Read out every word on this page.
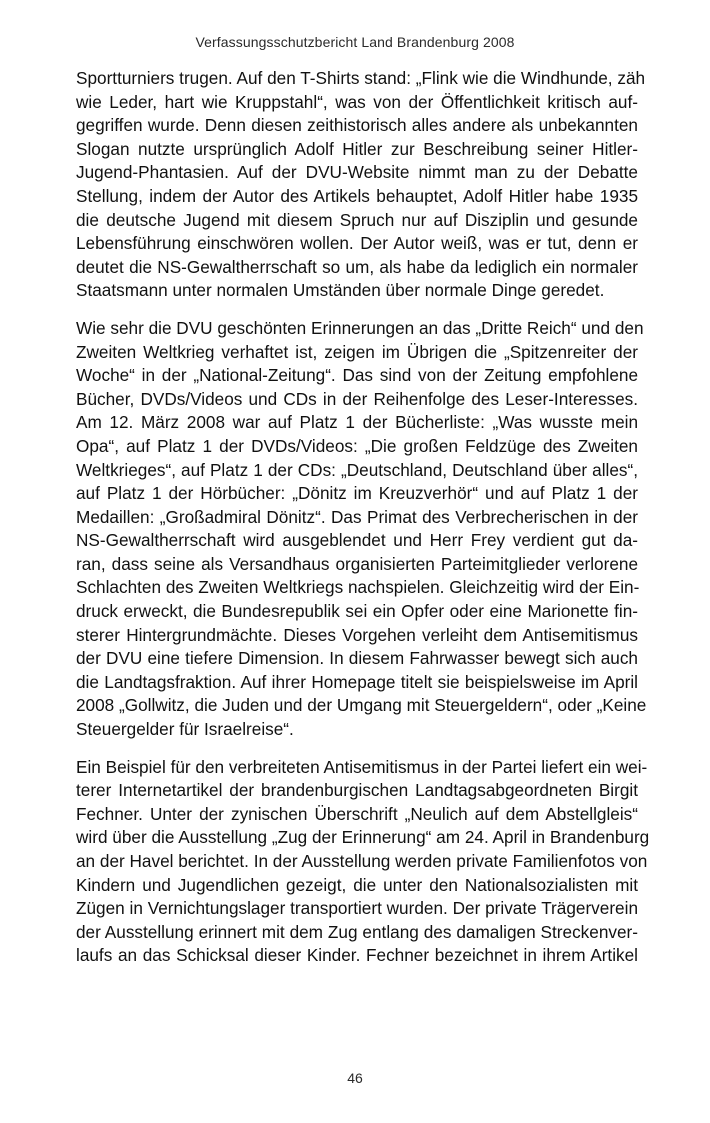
Verfassungsschutzbericht Land Brandenburg 2008

Sportturniers trugen. Auf den T-Shirts stand: „Flink wie die Windhunde, zäh
wie Leder, hart wie Kruppstahl“, was von der Öffentlichkeit kritisch auf-
gegriffen wurde. Denn diesen zeithistorisch alles andere als unbekannten
Slogan nutzte ursprünglich Adolf Hitler zur Beschreibung seiner Hitler-
Jugend-Phantasien. Auf der DVU-Website nimmt man zu der Debatte
Stellung, indem der Autor des Artikels behauptet, Adolf Hitler habe 1935
die deutsche Jugend mit diesem Spruch nur auf Disziplin und gesunde
Lebensführung einschwören wollen. Der Autor weiß, was er tut, denn er
deutet die NS-Gewaltherrschaft so um, als habe da lediglich ein normaler
Staatsmann unter normalen Umständen über normale Dinge geredet.

Wie sehr die DVU geschönten Erinnerungen an das „Dritte Reich“ und den
Zweiten Weltkrieg verhaftet ist, zeigen im Übrigen die „Spitzenreiter der
Woche“ in der „National-Zeitung“. Das sind von der Zeitung empfohlene
Bücher, DVDs/Videos und CDs in der Reihenfolge des Leser-Interesses.
Am 12. März 2008 war auf Platz 1 der Bücherliste: „Was wusste mein
Opa“, auf Platz 1 der DVDs/Videos: „Die großen Feldzüge des Zweiten
Weltkrieges“, auf Platz 1 der CDs: „Deutschland, Deutschland über alles“,
auf Platz 1 der Hörbücher: „Dönitz im Kreuzverhör“ und auf Platz 1 der
Medaillen: „Großadmiral Dönitz“. Das Primat des Verbrecherischen in der
NS-Gewaltherrschaft wird ausgeblendet und Herr Frey verdient gut da-
ran, dass seine als Versandhaus organisierten Parteimitglieder verlorene
Schlachten des Zweiten Weltkriegs nachspielen. Gleichzeitig wird der Ein-
druck erweckt, die Bundesrepublik sei ein Opfer oder eine Marionette fin-
sterer Hintergrundmächte. Dieses Vorgehen verleiht dem Antisemitismus
der DVU eine tiefere Dimension. In diesem Fahrwasser bewegt sich auch
die Landtagsfraktion. Auf ihrer Homepage titelt sie beispielsweise im April
2008 „Gollwitz, die Juden und der Umgang mit Steuergeldern“, oder „Keine
Steuergelder für Israelreise“.

Ein Beispiel für den verbreiteten Antisemitismus in der Partei liefert ein wei-
terer Internetartikel der brandenburgischen Landtagsabgeordneten Birgit
Fechner. Unter der zynischen Überschrift „Neulich auf dem Abstellgleis“
wird über die Ausstellung „Zug der Erinnerung“ am 24. April in Brandenburg
an der Havel berichtet. In der Ausstellung werden private Familienfotos von
Kindern und Jugendlichen gezeigt, die unter den Nationalsozialisten mit
Zügen in Vernichtungslager transportiert wurden. Der private Trägerverein
der Ausstellung erinnert mit dem Zug entlang des damaligen Streckenver-
laufs an das Schicksal dieser Kinder. Fechner bezeichnet in ihrem Artikel

46
